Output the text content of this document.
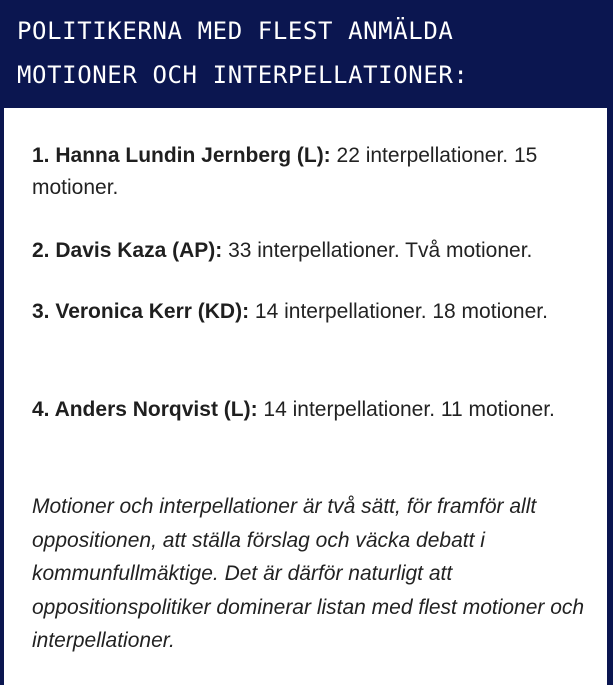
POLITIKERNA MED FLEST ANMÄLDA
MOTIONER OCH INTERPELLATIONER:
1. Hanna Lundin Jernberg (L): 22 interpellationer. 15 motioner.
2. Davis Kaza (AP): 33 interpellationer. Två motioner.
3. Veronica Kerr (KD): 14 interpellationer. 18 motioner.
4. Anders Norqvist (L): 14 interpellationer. 11 motioner.
Motioner och interpellationer är två sätt, för framför allt oppositionen, att ställa förslag och väcka debatt i kommunfullmäktige. Det är därför naturligt att oppositionspolitiker dominerar listan med flest motioner och interpellationer.
